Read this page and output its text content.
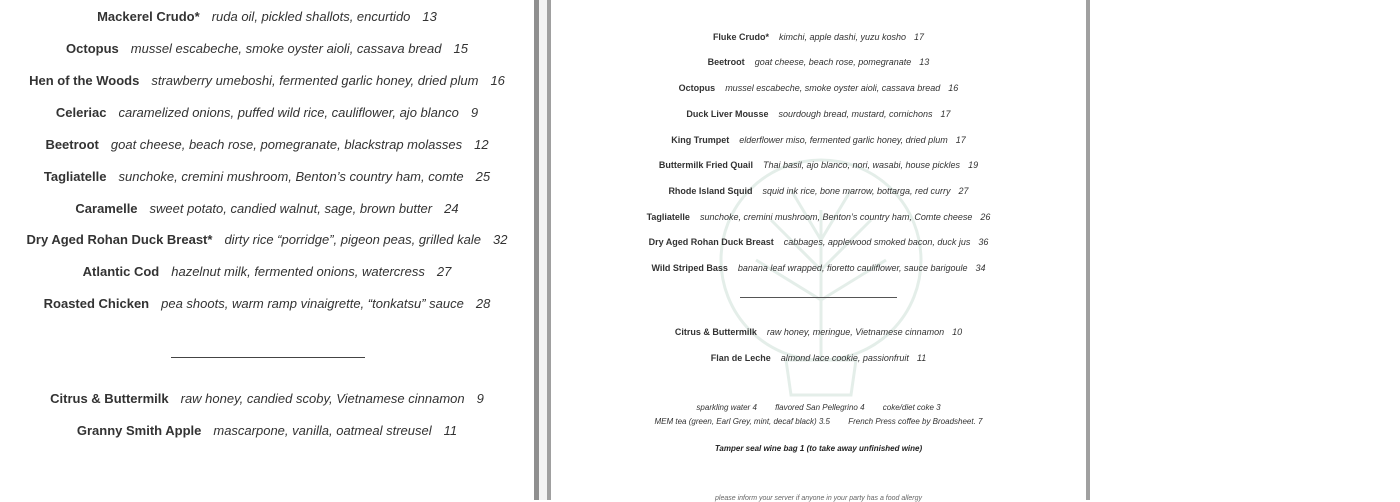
Mackerel Crudo* ruda oil, pickled shallots, encurtido 13
Octopus mussel escabeche, smoke oyster aioli, cassava bread 15
Hen of the Woods strawberry umeboshi, fermented garlic honey, dried plum 16
Celeriac caramelized onions, puffed wild rice, cauliflower, ajo blanco 9
Beetroot goat cheese, beach rose, pomegranate, blackstrap molasses 12
Tagliatelle sunchoke, cremini mushroom, Benton’s country ham, comte 25
Caramelle sweet potato, candied walnut, sage, brown butter 24
Dry Aged Rohan Duck Breast* dirty rice “porridge”, pigeon peas, grilled kale 32
Atlantic Cod hazelnut milk, fermented onions, watercress 27
Roasted Chicken pea shoots, warm ramp vinaigrette, “tonkatsu” sauce 28
Citrus & Buttermilk raw honey, candied scoby, Vietnamese cinnamon 9
Granny Smith Apple mascarpone, vanilla, oatmeal streusel 11
Fluke Crudo* kimchi, apple dashi, yuzu kosho 17
Beetroot goat cheese, beach rose, pomegranate 13
Octopus mussel escabeche, smoke oyster aioli, cassava bread 16
Duck Liver Mousse sourdough bread, mustard, cornichons 17
King Trumpet elderflower miso, fermented garlic honey, dried plum 17
Buttermilk Fried Quail Thai basil, ajo blanco, nori, wasabi, house pickles 19
Rhode Island Squid squid ink rice, bone marrow, bottarga, red curry 27
Tagliatelle sunchoke, cremini mushroom, Benton’s country ham, Comte cheese 26
Dry Aged Rohan Duck Breast cabbages, applewood smoked bacon, duck jus 36
Wild Striped Bass banana leaf wrapped, fioretto cauliflower, sauce barigoule 34
Citrus & Buttermilk raw honey, meringue, Vietnamese cinnamon 10
Flan de Leche almond lace cookie, passionfruit 11
sparkling water 4 flavored San Pellegrino 4 coke/diet coke 3
MEM tea (green, Earl Grey, mint, decaf black) 3.5 French Press coffee by Broadsheet. 7
Tamper seal wine bag 1 (to take away unfinished wine)
please inform your server if anyone in your party has a food allergy
